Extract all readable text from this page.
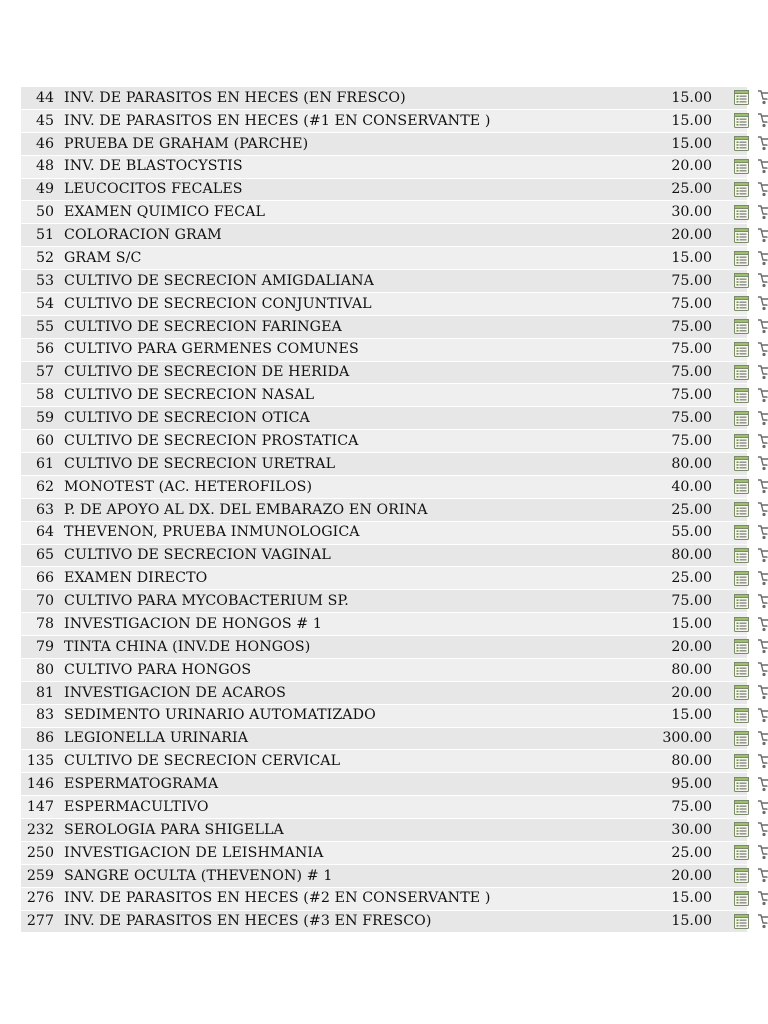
44 INV. DE PARASITOS EN HECES (EN FRESCO)	15.00
45 INV. DE PARASITOS EN HECES (#1 EN CONSERVANTE )	15.00
46 PRUEBA DE GRAHAM (PARCHE)	15.00
48 INV. DE BLASTOCYSTIS	20.00
49 LEUCOCITOS FECALES	25.00
50 EXAMEN QUIMICO FECAL	30.00
51 COLORACION GRAM	20.00
52 GRAM S/C	15.00
53 CULTIVO DE SECRECION AMIGDALIANA	75.00
54 CULTIVO DE SECRECION CONJUNTIVAL	75.00
55 CULTIVO DE SECRECION FARINGEA	75.00
56 CULTIVO PARA GERMENES COMUNES	75.00
57 CULTIVO DE SECRECION DE HERIDA	75.00
58 CULTIVO DE SECRECION NASAL	75.00
59 CULTIVO DE SECRECION OTICA	75.00
60 CULTIVO DE SECRECION PROSTATICA	75.00
61 CULTIVO DE SECRECION URETRAL	80.00
62 MONOTEST (AC. HETEROFILOS)	40.00
63 P. DE APOYO AL DX. DEL EMBARAZO EN ORINA	25.00
64 THEVENON, PRUEBA INMUNOLOGICA	55.00
65 CULTIVO DE SECRECION VAGINAL	80.00
66 EXAMEN DIRECTO	25.00
70 CULTIVO PARA MYCOBACTERIUM SP.	75.00
78 INVESTIGACION DE HONGOS # 1	15.00
79 TINTA CHINA (INV.DE HONGOS)	20.00
80 CULTIVO PARA HONGOS	80.00
81 INVESTIGACION DE ACAROS	20.00
83 SEDIMENTO URINARIO AUTOMATIZADO	15.00
86 LEGIONELLA URINARIA	300.00
135 CULTIVO DE SECRECION CERVICAL	80.00
146 ESPERMATOGRAMA	95.00
147 ESPERMACULTIVO	75.00
232 SEROLOGIA PARA SHIGELLA	30.00
250 INVESTIGACION DE LEISHMANIA	25.00
259 SANGRE OCULTA (THEVENON) # 1	20.00
276 INV. DE PARASITOS EN HECES (#2 EN CONSERVANTE )	15.00
277 INV. DE PARASITOS EN HECES (#3 EN FRESCO)	15.00
